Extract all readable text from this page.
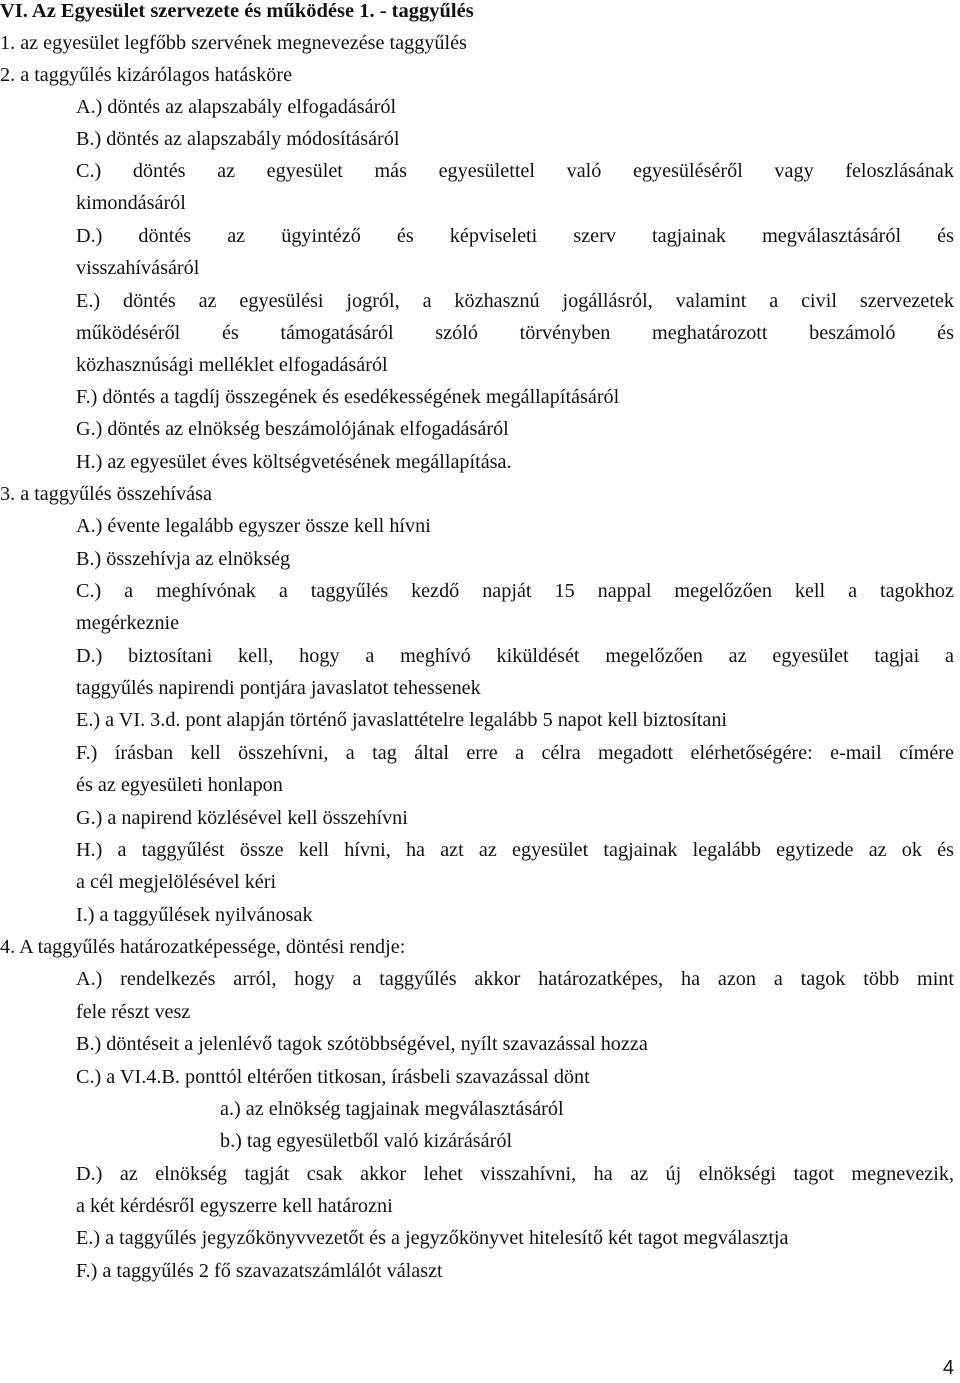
VI. Az Egyesület szervezete és működése 1. - taggyűlés
1. az egyesület legfőbb szervének megnevezése taggyűlés
2. a taggyűlés kizárólagos hatásköre
A.) döntés az alapszabály elfogadásáról
B.) döntés az alapszabály módosításáról
C.) döntés az egyesület más egyesülettel való egyesüléséről vagy feloszlásának
kimondásáról
D.) döntés az ügyintéző és képviseleti szerv tagjainak megválasztásáról és
visszahívásáról
E.) döntés az egyesülési jogról, a közhasznú jogállásról, valamint a civil szervezetek
működéséről és támogatásáról szóló törvényben meghatározott beszámoló és
közhasznúsági melléklet elfogadásáról
F.) döntés a tagdíj összegének és esedékességének megállapításáról
G.) döntés az elnökség beszámolójának elfogadásáról
H.) az egyesület éves költségvetésének megállapítása.
3. a taggyűlés összehívása
A.) évente legalább egyszer össze kell hívni
B.) összehívja az elnökség
C.) a meghívónak a taggyűlés kezdő napját 15 nappal megelőzően kell a tagokhoz
megérkeznie
D.) biztosítani kell, hogy a meghívó kiküldését megelőzően az egyesület tagjai a
taggyűlés napirendi pontjára javaslatot tehessenek
E.) a VI. 3.d. pont alapján történő javaslattételre legalább 5 napot kell biztosítani
F.) írásban kell összehívni, a tag által erre a célra megadott elérhetőségére: e-mail címére
és az egyesületi honlapon
G.) a napirend közlésével kell összehívni
H.) a taggyűlést össze kell hívni, ha azt az egyesület tagjainak legalább egytizede az ok és
a cél megjelölésével kéri
I.) a taggyűlések nyilvánosak
4. A taggyűlés határozatképessége, döntési rendje:
A.) rendelkezés arról, hogy a taggyűlés akkor határozatképes, ha azon a tagok több mint
fele részt vesz
B.) döntéseit a jelenlévő tagok szótöbbségével, nyílt szavazással hozza
C.) a VI.4.B. ponttól eltérően titkosan, írásbeli szavazással dönt
a.) az elnökség tagjainak megválasztásáról
b.) tag egyesületből való kizárásáról
D.) az elnökség tagját csak akkor lehet visszahívni, ha az új elnökségi tagot megnevezik,
a két kérdésről egyszerre kell határozni
E.) a taggyűlés jegyzőkönyvvezetőt és a jegyzőkönyvet hitelesítő két tagot megválasztja
F.) a taggyűlés 2 fő szavazatszámlálót választ
4
